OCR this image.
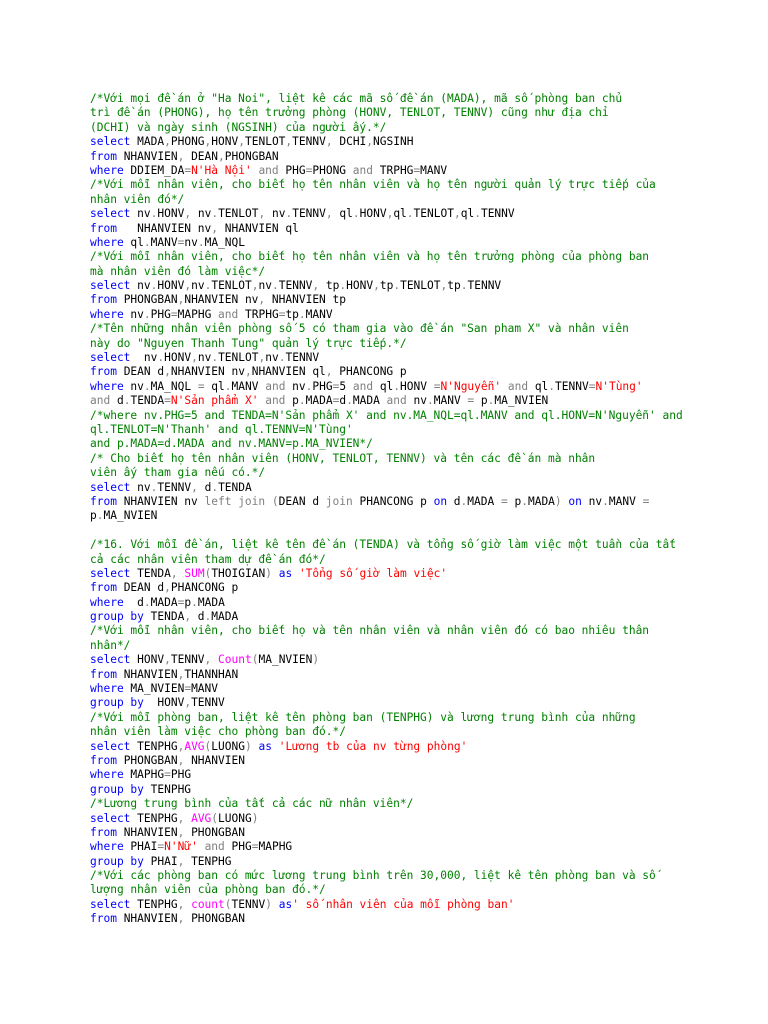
/*Với mọi đề án ở "Ha Noi", liệt kê các mã số đề án (MADA), mã số phòng ban chủ
trì đề án (PHONG), họ tên trưởng phòng (HONV, TENLOT, TENNV) cũng như địa chỉ
(DCHI) và ngày sinh (NGSINH) của người ấy.*/
select MADA,PHONG,HONV,TENLOT,TENNV, DCHI,NGSINH
from NHANVIEN, DEAN,PHONGBAN
where DDIEM_DA=N'Hà Nội' and PHG=PHONG and TRPHG=MANV
/*Với mỗi nhân viên, cho biết họ tên nhân viên và họ tên người quản lý trực tiếp của
nhân viên đó*/
select nv.HONV, nv.TENLOT, nv.TENNV, ql.HONV,ql.TENLOT,ql.TENNV
from   NHANVIEN nv, NHANVIEN ql
where ql.MANV=nv.MA_NQL
/*Với mỗi nhân viên, cho biết họ tên nhân viên và họ tên trưởng phòng của phòng ban
mà nhân viên đó làm việc*/
select nv.HONV,nv.TENLOT,nv.TENNV, tp.HONV,tp.TENLOT,tp.TENNV
from PHONGBAN,NHANVIEN nv, NHANVIEN tp
where nv.PHG=MAPHG and TRPHG=tp.MANV
/*Tên những nhân viên phòng số 5 có tham gia vào đề án "San pham X" và nhân viên
này do "Nguyen Thanh Tung" quản lý trực tiếp.*/
select  nv.HONV,nv.TENLOT,nv.TENNV
from DEAN d,NHANVIEN nv,NHANVIEN ql, PHANCONG p
where nv.MA_NQL = ql.MANV and nv.PHG=5 and ql.HONV =N'Nguyễn' and ql.TENNV=N'Tùng'
and d.TENDA=N'Sản phẩm X' and p.MADA=d.MADA and nv.MANV = p.MA_NVIEN
/*where nv.PHG=5 and TENDA=N'Sản phẩm X' and nv.MA_NQL=ql.MANV and ql.HONV=N'Nguyễn' and
ql.TENLOT=N'Thanh' and ql.TENNV=N'Tùng'
and p.MADA=d.MADA and nv.MANV=p.MA_NVIEN*/
/* Cho biết họ tên nhân viên (HONV, TENLOT, TENNV) và tên các đề án mà nhân
viên ấy tham gia nếu có.*/
select nv.TENNV, d.TENDA
from NHANVIEN nv left join (DEAN d join PHANCONG p on d.MADA = p.MADA) on nv.MANV =
p.MA_NVIEN
/*16. Với mỗi đề án, liệt kê tên đề án (TENDA) và tổng số giờ làm việc một tuần của tất
cả các nhân viên tham dự đề án đó*/
select TENDA, SUM(THOIGIAN) as 'Tổng số giờ làm việc'
from DEAN d,PHANCONG p
where  d.MADA=p.MADA
group by TENDA, d.MADA
/*Với mỗi nhân viên, cho biết họ và tên nhân viên và nhân viên đó có bao nhiêu thân
nhân*/
select HONV,TENNV, Count(MA_NVIEN)
from NHANVIEN,THANNHAN
where MA_NVIEN=MANV
group by  HONV,TENNV
/*Với mỗi phòng ban, liệt kê tên phòng ban (TENPHG) và lương trung bình của những
nhân viên làm việc cho phòng ban đó.*/
select TENPHG,AVG(LUONG) as 'Lương tb của nv từng phòng'
from PHONGBAN, NHANVIEN
where MAPHG=PHG
group by TENPHG
/*Lương trung bình của tất cả các nữ nhân viên*/
select TENPHG, AVG(LUONG)
from NHANVIEN, PHONGBAN
where PHAI=N'Nữ' and PHG=MAPHG
group by PHAI, TENPHG
/*Với các phòng ban có mức lương trung bình trên 30,000, liệt kê tên phòng ban và số
lượng nhân viên của phòng ban đó.*/
select TENPHG, count(TENNV) as' số nhân viên của mỗi phòng ban'
from NHANVIEN, PHONGBAN
